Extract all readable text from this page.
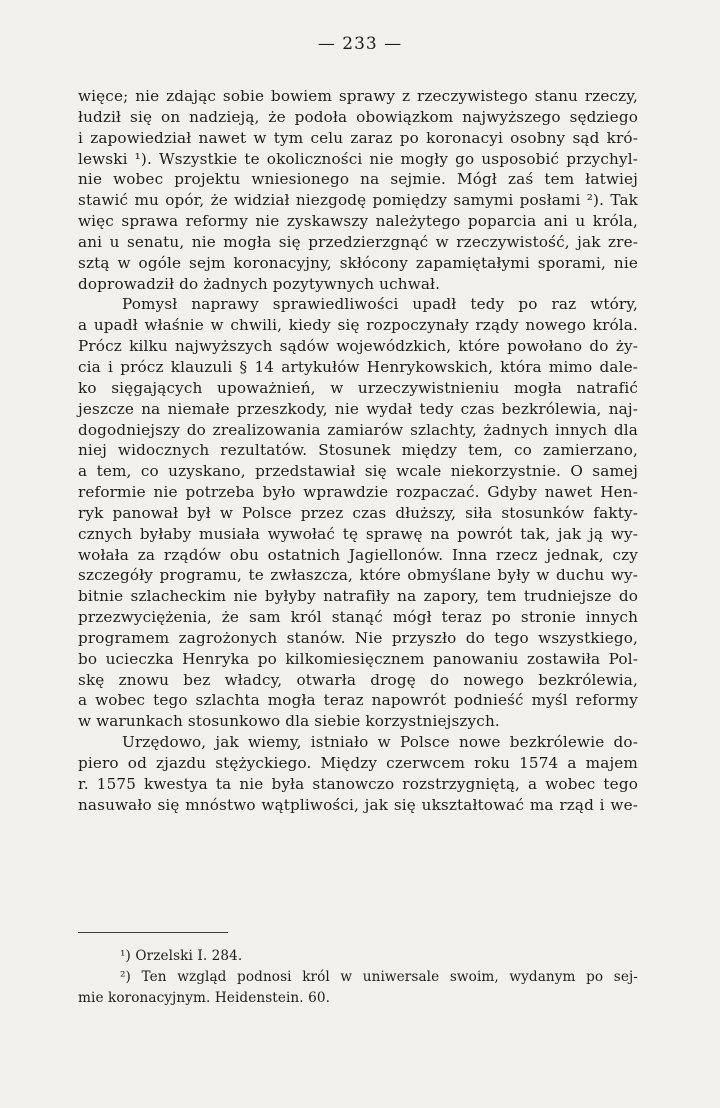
— 233 —
więce; nie zdając sobie bowiem sprawy z rzeczywistego stanu rzeczy,
łudził się on nadzieją, że podoła obowiązkom najwyższego sędziego
i zapowiedział nawet w tym celu zaraz po koronacyi osobny sąd kró-
lewski ¹). Wszystkie te okoliczności nie mogły go usposobić przychyl-
nie wobec projektu wniesionego na sejmie. Mógł zaś tem łatwiej
stawić mu opór, że widział niezgodę pomiędzy samymi posłami ²). Tak
więc sprawa reformy nie zyskawszy należytego poparcia ani u króla,
ani u senatu, nie mogła się przedzierzgnąć w rzeczywistość, jak zre-
sztą w ogóle sejm koronacyjny, skłócony zapamiętałymi sporami, nie
doprowadził do żadnych pozytywnych uchwał.
Pomysł naprawy sprawiedliwości upadł tedy po raz wtóry,
a upadł właśnie w chwili, kiedy się rozpoczynały rządy nowego króla.
Prócz kilku najwyższych sądów wojewódzkich, które powołano do ży-
cia i prócz klauzuli § 14 artykułów Henrykowskich, która mimo dale-
ko sięgających upoważnień, w urzeczywistnieniu mogła natrafić
jeszcze na niemałe przeszkody, nie wydał tedy czas bezkrólewia, naj-
dogodniejszy do zrealizowania zamiarów szlachty, żadnych innych dla
niej widocznych rezultatów. Stosunek między tem, co zamierzano,
a tem, co uzyskano, przedstawiał się wcale niekorzystnie. O samej
reformie nie potrzeba było wprawdzie rozpaczać. Gdyby nawet Hen-
ryk panował był w Polsce przez czas dłuższy, siła stosunków fakty-
cznych byłaby musiała wywołać tę sprawę na powrót tak, jak ją wy-
wołała za rządów obu ostatnich Jagiellonów. Inna rzecz jednak, czy
szczegóły programu, te zwłaszcza, które obmyślane były w duchu wy-
bitnie szlacheckim nie byłyby natrafiły na zapory, tem trudniejsze do
przezwyciężenia, że sam król stanąć mógł teraz po stronie innych
programem zagrożonych stanów. Nie przyszło do tego wszystkiego,
bo ucieczka Henryka po kilkomiesięcznem panowaniu zostawiła Pol-
skę znowu bez władcy, otwarła drogę do nowego bezkrólewia,
a wobec tego szlachta mogła teraz napowrót podnieść myśl reformy
w warunkach stosunkowo dla siebie korzystniejszych.
Urzędowo, jak wiemy, istniało w Polsce nowe bezkrólewie do-
piero od zjazdu stężyckiego. Między czerwcem roku 1574 a majem
r. 1575 kwestya ta nie była stanowczo rozstrzygniętą, a wobec tego
nasuwało się mnóstwo wątpliwości, jak się ukształtować ma rząd i we-
¹) Orzelski I. 284.
²) Ten wzgląd podnosi król w uniwersale swoim, wydanym po sej-
mie koronacyjnym. Heidenstein. 60.
